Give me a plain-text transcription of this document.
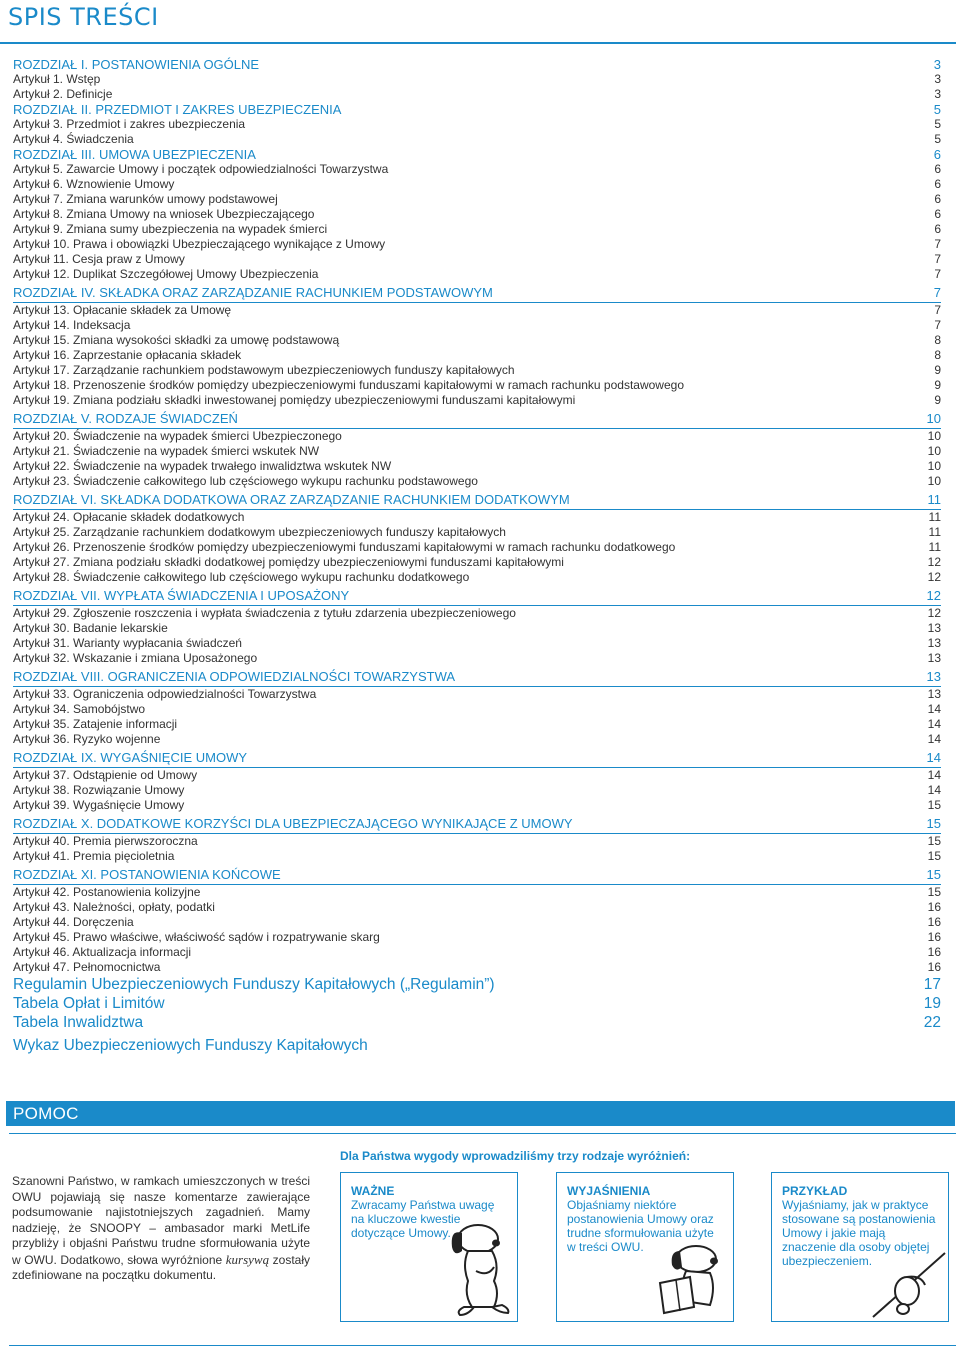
SPIS TREŚCI
ROZDZIAŁ I. POSTANOWIENIA OGÓLNE	3
Artykuł 1. Wstęp	3
Artykuł 2. Definicje	3
ROZDZIAŁ II. PRZEDMIOT I ZAKRES UBEZPIECZENIA	5
Artykuł 3. Przedmiot i zakres ubezpieczenia	5
Artykuł 4. Świadczenia	5
ROZDZIAŁ III. UMOWA UBEZPIECZENIA	6
Artykuł 5. Zawarcie Umowy i początek odpowiedzialności Towarzystwa	6
Artykuł 6. Wznowienie Umowy	6
Artykuł 7. Zmiana warunków umowy podstawowej	6
Artykuł 8. Zmiana Umowy na wniosek Ubezpieczającego	6
Artykuł 9. Zmiana sumy ubezpieczenia na wypadek śmierci	6
Artykuł 10. Prawa i obowiązki Ubezpieczającego wynikające z Umowy	7
Artykuł 11. Cesja praw z Umowy	7
Artykuł 12. Duplikat Szczegółowej Umowy Ubezpieczenia	7
ROZDZIAŁ IV. SKŁADKA ORAZ ZARZĄDZANIE RACHUNKIEM PODSTAWOWYM	7
Artykuł 13. Opłacanie składek za Umowę	7
Artykuł 14. Indeksacja	7
Artykuł 15. Zmiana wysokości składki za umowę podstawową	8
Artykuł 16. Zaprzestanie opłacania składek	8
Artykuł 17. Zarządzanie rachunkiem podstawowym ubezpieczeniowych funduszy kapitałowych	9
Artykuł 18. Przenoszenie środków pomiędzy ubezpieczeniowymi funduszami kapitałowymi w ramach rachunku podstawowego	9
Artykuł 19. Zmiana podziału składki inwestowanej pomiędzy ubezpieczeniowymi funduszami kapitałowymi	9
ROZDZIAŁ V. RODZAJE ŚWIADCZEŃ	10
Artykuł 20. Świadczenie na wypadek śmierci Ubezpieczonego	10
Artykuł 21. Świadczenie na wypadek śmierci wskutek NW	10
Artykuł 22. Świadczenie na wypadek trwałego inwalidztwa wskutek NW	10
Artykuł 23. Świadczenie całkowitego lub częściowego wykupu rachunku podstawowego	10
ROZDZIAŁ VI. SKŁADKA DODATKOWA ORAZ ZARZĄDZANIE RACHUNKIEM DODATKOWYM	11
Artykuł 24. Opłacanie składek dodatkowych	11
Artykuł 25. Zarządzanie rachunkiem dodatkowym ubezpieczeniowych funduszy kapitałowych	11
Artykuł 26. Przenoszenie środków pomiędzy ubezpieczeniowymi funduszami kapitałowymi w ramach rachunku dodatkowego	11
Artykuł 27. Zmiana podziału składki dodatkowej pomiędzy ubezpieczeniowymi funduszami kapitałowymi	12
Artykuł 28. Świadczenie całkowitego lub częściowego wykupu rachunku dodatkowego	12
ROZDZIAŁ VII. WYPŁATA ŚWIADCZENIA I UPOSAŻONY	12
Artykuł 29. Zgłoszenie roszczenia i wypłata świadczenia z tytułu zdarzenia ubezpieczeniowego	12
Artykuł 30. Badanie lekarskie	13
Artykuł 31. Warianty wypłacania świadczeń	13
Artykuł 32. Wskazanie i zmiana Uposażonego	13
ROZDZIAŁ VIII. OGRANICZENIA ODPOWIEDZIALNOŚCI TOWARZYSTWA	13
Artykuł 33. Ograniczenia odpowiedzialności Towarzystwa	13
Artykuł 34. Samobójstwo	14
Artykuł 35. Zatajenie informacji	14
Artykuł 36. Ryzyko wojenne	14
ROZDZIAŁ IX. WYGAŚNIĘCIE UMOWY	14
Artykuł 37. Odstąpienie od Umowy	14
Artykuł 38. Rozwiązanie Umowy	14
Artykuł 39. Wygaśnięcie Umowy	15
ROZDZIAŁ X. DODATKOWE KORZYŚCI DLA UBEZPIECZAJĄCEGO WYNIKAJĄCE Z UMOWY	15
Artykuł 40. Premia pierwszoroczna	15
Artykuł 41. Premia pięcioletnia	15
ROZDZIAŁ XI. POSTANOWIENIA KOŃCOWE	15
Artykuł 42. Postanowienia kolizyjne	15
Artykuł 43. Należności, opłaty, podatki	16
Artykuł 44. Doręczenia	16
Artykuł 45. Prawo właściwe, właściwość sądów i rozpatrywanie skarg	16
Artykuł 46. Aktualizacja informacji	16
Artykuł 47. Pełnomocnictwa	16
Regulamin Ubezpieczeniowych Funduszy Kapitałowych („Regulamin”)	17
Tabela Opłat i Limitów	19
Tabela Inwalidztwa	22
Wykaz Ubezpieczeniowych Funduszy Kapitałowych
POMOC
Szanowni Państwo, w ramkach umieszczonych w treści OWU pojawiają się nasze komentarze zawierające podsumowanie najistotniejszych zagadnień. Mamy nadzieję, że SNOOPY – ambasador marki MetLife przybliży i objaśni Państwu trudne sformułowania użyte w OWU. Dodatkowo, słowa wyróżnione kursywą zostały zdefiniowane na początku dokumentu.
Dla Państwa wygody wprowadziliśmy trzy rodzaje wyróżnień:
WAŻNE
Zwracamy Państwa uwagę na kluczowe kwestie dotyczące Umowy.
WYJAŚNIENIA
Objaśniamy niektóre postanowienia Umowy oraz trudne sformułowania użyte w treści OWU.
PRZYKŁAD
Wyjaśniamy, jak w praktyce stosowane są postanowienia Umowy i jakie mają znaczenie dla osoby objętej ubezpieczeniem.
